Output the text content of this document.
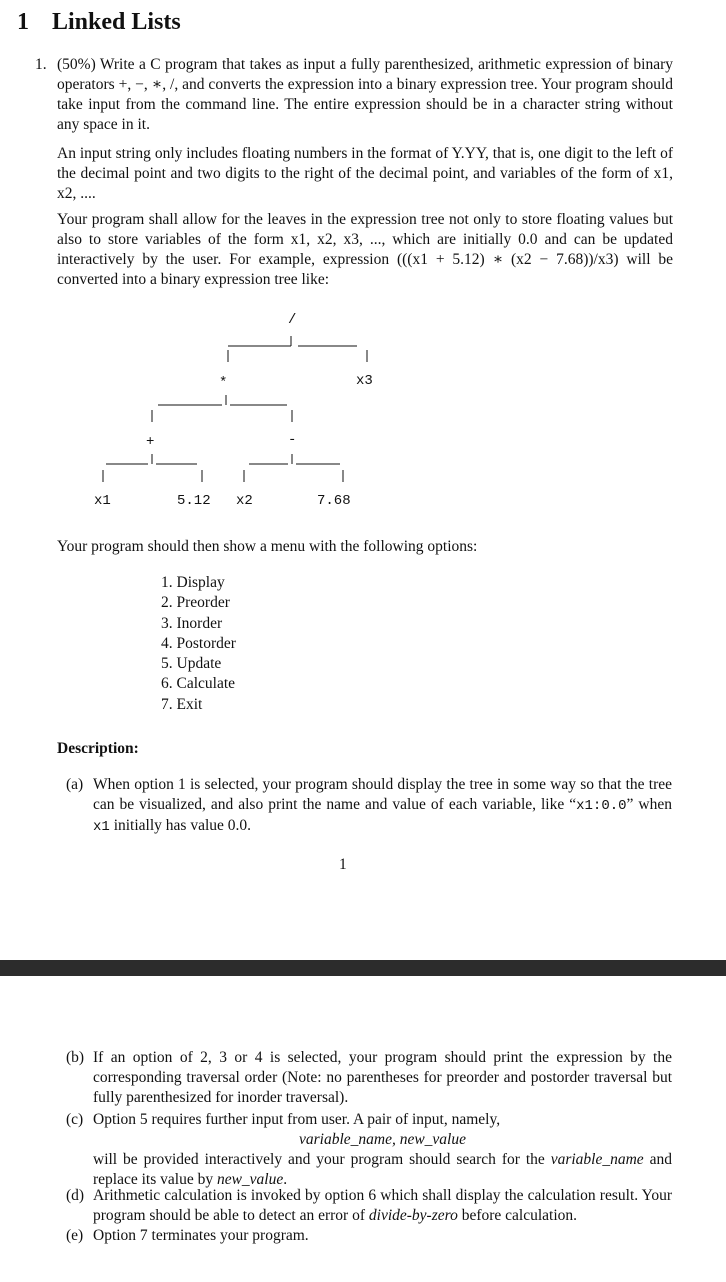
1 Linked Lists
1. (50%) Write a C program that takes as input a fully parenthesized, arithmetic expression of binary operators +, −, ∗, /, and converts the expression into a binary expression tree. Your program should take input from the command line. The entire expression should be in a character string without any space in it.

An input string only includes floating numbers in the format of Y.YY, that is, one digit to the left of the decimal point and two digits to the right of the decimal point, and variables of the form of x1, x2, ....

Your program shall allow for the leaves in the expression tree not only to store floating values but also to store variables of the form x1, x2, x3, ..., which are initially 0.0 and can be updated interactively by the user. For example, expression (((x1 + 5.12) ∗ (x2 − 7.68))/x3) will be converted into a binary expression tree like:

/
*	x3
+	-
x1	5.12 x2	7.68

Your program should then show a menu with the following options:

1. Display
2. Preorder
3. Inorder
4. Postorder
5. Update
6. Calculate
7. Exit

Description:

(a) When option 1 is selected, your program should display the tree in some way so that the tree can be visualized, and also print the name and value of each variable, like “x1:0.0” when x1 initially has value 0.0.
1
(b) If an option of 2, 3 or 4 is selected, your program should print the expression by the corresponding traversal order (Note: no parentheses for preorder and postorder traversal but fully parenthesized for inorder traversal).
(c) Option 5 requires further input from user. A pair of input, namely,
variable_name, new_value
will be provided interactively and your program should search for the variable_name and replace its value by new_value.
(d) Arithmetic calculation is invoked by option 6 which shall display the calculation result. Your program should be able to detect an error of divide-by-zero before calculation.
(e) Option 7 terminates your program.
